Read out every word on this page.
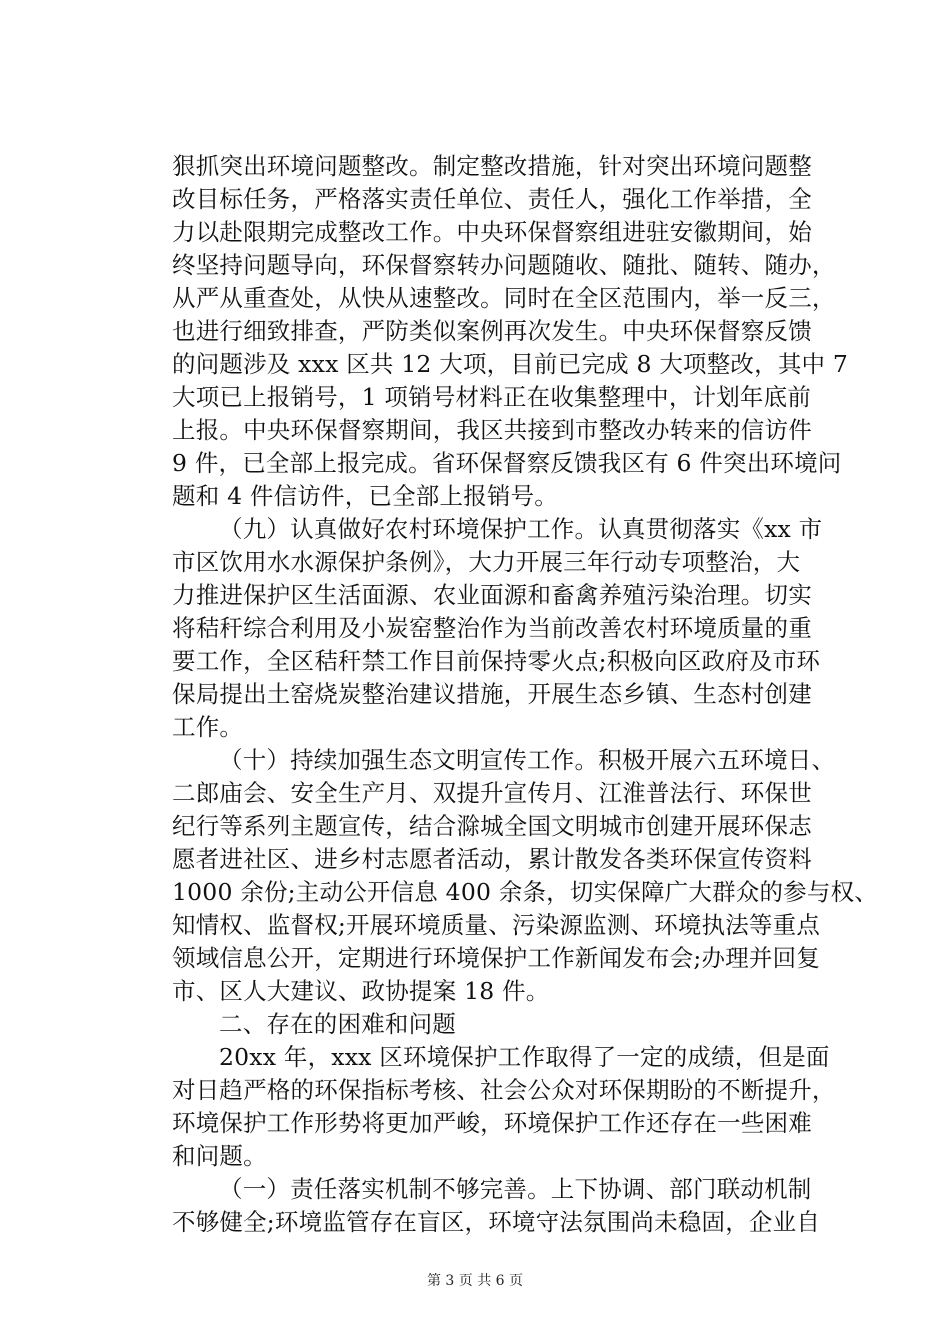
狠抓突出环境问题整改。制定整改措施，针对突出环境问题整
改目标任务，严格落实责任单位、责任人，强化工作举措，全
力以赴限期完成整改工作。中央环保督察组进驻安徽期间，始
终坚持问题导向，环保督察转办问题随收、随批、随转、随办，
从严从重查处，从快从速整改。同时在全区范围内，举一反三，
也进行细致排查，严防类似案例再次发生。中央环保督察反馈
的问题涉及 xxx 区共 12 大项，目前已完成 8 大项整改，其中 7
大项已上报销号，1 项销号材料正在收集整理中，计划年底前
上报。中央环保督察期间，我区共接到市整改办转来的信访件
9 件，已全部上报完成。省环保督察反馈我区有 6 件突出环境问
题和 4 件信访件，已全部上报销号。
（九）认真做好农村环境保护工作。认真贯彻落实《xx 市
市区饮用水水源保护条例》，大力开展三年行动专项整治，大
力推进保护区生活面源、农业面源和畜禽养殖污染治理。切实
将秸秆综合利用及小炭窑整治作为当前改善农村环境质量的重
要工作，全区秸秆禁工作目前保持零火点;积极向区政府及市环
保局提出土窑烧炭整治建议措施，开展生态乡镇、生态村创建
工作。
（十）持续加强生态文明宣传工作。积极开展六五环境日、
二郎庙会、安全生产月、双提升宣传月、江淮普法行、环保世
纪行等系列主题宣传，结合滁城全国文明城市创建开展环保志
愿者进社区、进乡村志愿者活动，累计散发各类环保宣传资料
1000 余份;主动公开信息 400 余条，切实保障广大群众的参与权、
知情权、监督权;开展环境质量、污染源监测、环境执法等重点
领域信息公开，定期进行环境保护工作新闻发布会;办理并回复
市、区人大建议、政协提案 18 件。
二、存在的困难和问题
20xx 年，xxx 区环境保护工作取得了一定的成绩，但是面
对日趋严格的环保指标考核、社会公众对环保期盼的不断提升，
环境保护工作形势将更加严峻，环境保护工作还存在一些困难
和问题。
（一）责任落实机制不够完善。上下协调、部门联动机制
不够健全;环境监管存在盲区，环境守法氛围尚未稳固，企业自
第 3 页 共 6 页
